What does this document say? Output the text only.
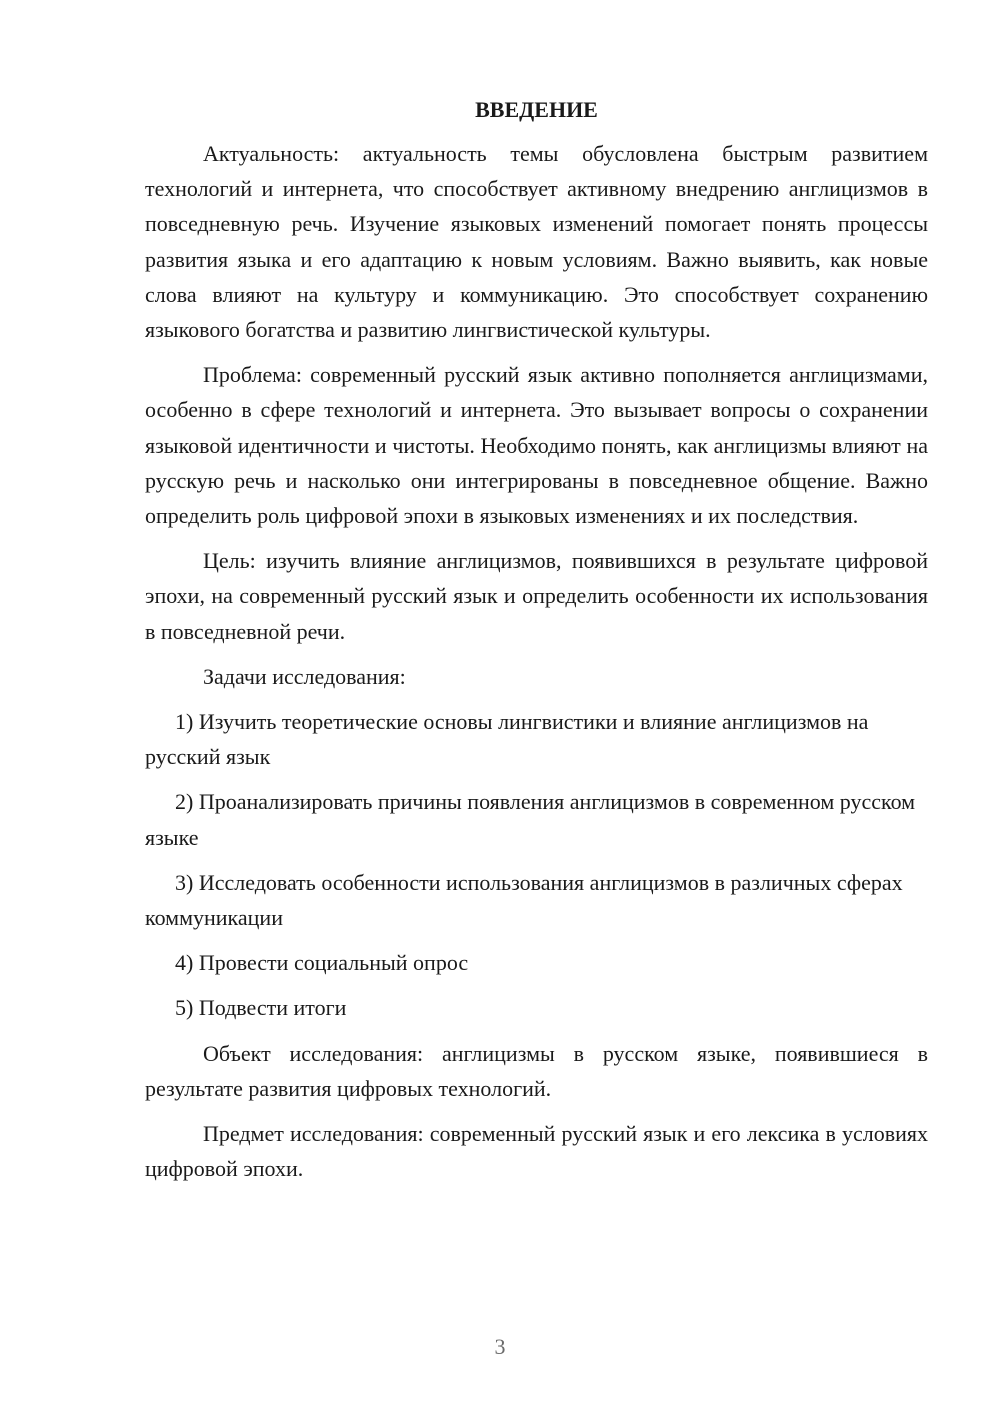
ВВЕДЕНИЕ

Актуальность: актуальность темы обусловлена быстрым развитием технологий и интернета, что способствует активному внедрению англицизмов в повседневную речь. Изучение языковых изменений помогает понять процессы развития языка и его адаптацию к новым условиям. Важно выявить, как новые слова влияют на культуру и коммуникацию. Это способствует сохранению языкового богатства и развитию лингвистической культуры.

Проблема: современный русский язык активно пополняется англицизмами, особенно в сфере технологий и интернета. Это вызывает вопросы о сохранении языковой идентичности и чистоты. Необходимо понять, как англицизмы влияют на русскую речь и насколько они интегрированы в повседневное общение. Важно определить роль цифровой эпохи в языковых изменениях и их последствия.

Цель: изучить влияние англицизмов, появившихся в результате цифровой эпохи, на современный русский язык и определить особенности их использования в повседневной речи.

Задачи исследования:

1) Изучить теоретические основы лингвистики и влияние англицизмов на русский язык

2) Проанализировать причины появления англицизмов в современном русском языке

3) Исследовать особенности использования англицизмов в различных сферах коммуникации

4) Провести социальный опрос

5) Подвести итоги

Объект исследования: англицизмы в русском языке, появившиеся в результате развития цифровых технологий.

Предмет исследования: современный русский язык и его лексика в условиях цифровой эпохи.

3
